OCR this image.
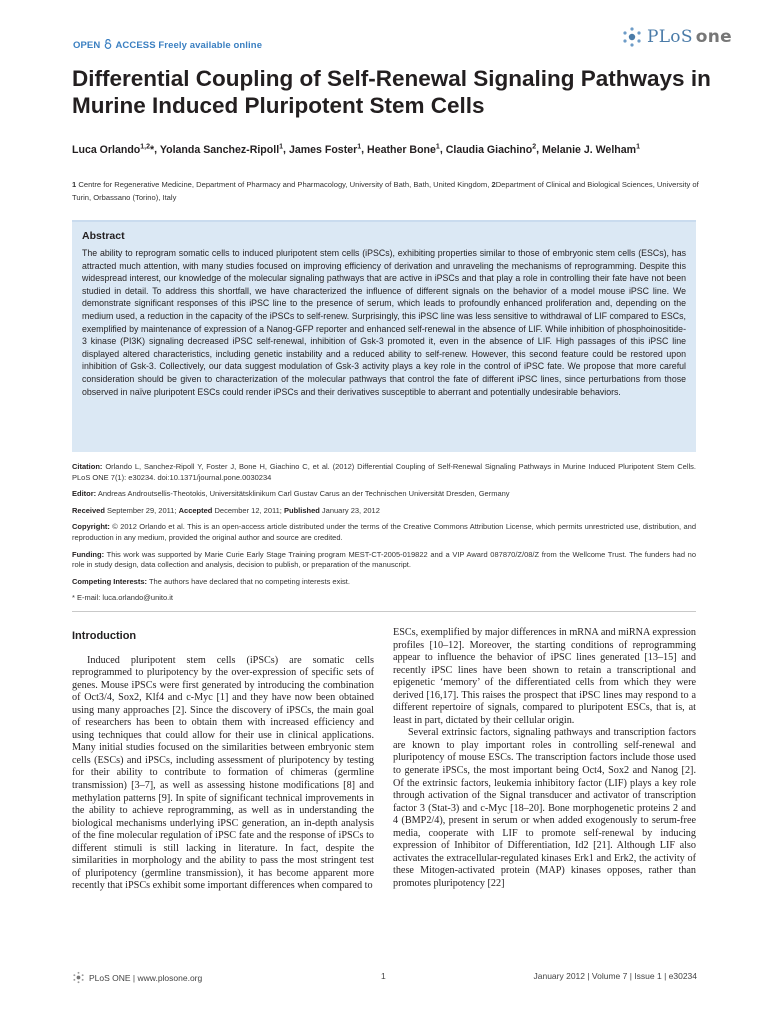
OPEN ACCESS Freely available online	PLoS one
Differential Coupling of Self-Renewal Signaling Pathways in Murine Induced Pluripotent Stem Cells
Luca Orlando$^{1,2}$*, Yolanda Sanchez-Ripoll$^1$, James Foster$^1$, Heather Bone$^1$, Claudia Giachino$^2$, Melanie J. Welham$^1$
1 Centre for Regenerative Medicine, Department of Pharmacy and Pharmacology, University of Bath, Bath, United Kingdom, 2Department of Clinical and Biological Sciences, University of Turin, Orbassano (Torino), Italy
Abstract
The ability to reprogram somatic cells to induced pluripotent stem cells (iPSCs), exhibiting properties similar to those of embryonic stem cells (ESCs), has attracted much attention, with many studies focused on improving efficiency of derivation and unraveling the mechanisms of reprogramming. Despite this widespread interest, our knowledge of the molecular signaling pathways that are active in iPSCs and that play a role in controlling their fate have not been studied in detail. To address this shortfall, we have characterized the influence of different signals on the behavior of a model mouse iPSC line. We demonstrate significant responses of this iPSC line to the presence of serum, which leads to profoundly enhanced proliferation and, depending on the medium used, a reduction in the capacity of the iPSCs to self-renew. Surprisingly, this iPSC line was less sensitive to withdrawal of LIF compared to ESCs, exemplified by maintenance of expression of a Nanog-GFP reporter and enhanced self-renewal in the absence of LIF. While inhibition of phosphoinositide-3 kinase (PI3K) signaling decreased iPSC self-renewal, inhibition of Gsk-3 promoted it, even in the absence of LIF. High passages of this iPSC line displayed altered characteristics, including genetic instability and a reduced ability to self-renew. However, this second feature could be restored upon inhibition of Gsk-3. Collectively, our data suggest modulation of Gsk-3 activity plays a key role in the control of iPSC fate. We propose that more careful consideration should be given to characterization of the molecular pathways that control the fate of different iPSC lines, since perturbations from those observed in naïve pluripotent ESCs could render iPSCs and their derivatives susceptible to aberrant and potentially undesirable behaviors.

Citation: Orlando L, Sanchez-Ripoll Y, Foster J, Bone H, Giachino C, et al. (2012) Differential Coupling of Self-Renewal Signaling Pathways in Murine Induced Pluripotent Stem Cells. PLoS ONE 7(1): e30234. doi:10.1371/journal.pone.0030234

Editor: Andreas Androutsellis-Theotokis, Universitätsklinikum Carl Gustav Carus an der Technischen Universität Dresden, Germany

Received September 29, 2011; Accepted December 12, 2011; Published January 23, 2012

Copyright: © 2012 Orlando et al. This is an open-access article distributed under the terms of the Creative Commons Attribution License, which permits unrestricted use, distribution, and reproduction in any medium, provided the original author and source are credited.

Funding: This work was supported by Marie Curie Early Stage Training program MEST-CT-2005-019822 and a VIP Award 087870/Z/08/Z from the Wellcome Trust. The funders had no role in study design, data collection and analysis, decision to publish, or preparation of the manuscript.

Competing Interests: The authors have declared that no competing interests exist.

* E-mail: luca.orlando@unito.it

Introduction

Induced pluripotent stem cells (iPSCs) are somatic cells reprogrammed to pluripotency by the over-expression of specific sets of genes. Mouse iPSCs were first generated by introducing the combination of Oct3/4, Sox2, Klf4 and c-Myc [1] and they have now been obtained using many approaches [2]. Since the discovery of iPSCs, the main goal of researchers has been to obtain them with increased efficiency and using techniques that could allow for their use in clinical applications. Many initial studies focused on the similarities between embryonic stem cells (ESCs) and iPSCs, including assessment of pluripotency by testing for their ability to contribute to formation of chimeras (germline transmission) [3–7], as well as assessing histone modifications [8] and methylation patterns [9]. In spite of significant technical improvements in the ability to achieve reprogramming, as well as in understanding the biological mechanisms underlying iPSC generation, an in-depth analysis of the fine molecular regulation of iPSC fate and the response of iPSCs to different stimuli is still lacking in literature. In fact, despite the similarities in morphology and the ability to pass the most stringent test of pluripotency (germline transmission), it has become apparent more recently that iPSCs exhibit some important differences when compared to

ESCs, exemplified by major differences in mRNA and miRNA expression profiles [10–12]. Moreover, the starting conditions of reprogramming appear to influence the behavior of iPSC lines generated [13–15] and recently iPSC lines have been shown to retain a transcriptional and epigenetic ‘memory’ of the differentiated cells from which they were derived [16,17]. This raises the prospect that iPSC lines may respond to a different repertoire of signals, compared to pluripotent ESCs, that is, at least in part, dictated by their cellular origin.

Several extrinsic factors, signaling pathways and transcription factors are known to play important roles in controlling self-renewal and pluripotency of mouse ESCs. The transcription factors include those used to generate iPSCs, the most important being Oct4, Sox2 and Nanog [2]. Of the extrinsic factors, leukemia inhibitory factor (LIF) plays a key role through activation of the Signal transducer and activator of transcription factor 3 (Stat-3) and c-Myc [18–20]. Bone morphogenetic proteins 2 and 4 (BMP2/4), present in serum or when added exogenously to serum-free media, cooperate with LIF to promote self-renewal by inducing expression of Inhibitor of Differentiation, Id2 [21]. Although LIF also activates the extracellular-regulated kinases Erk1 and Erk2, the activity of these Mitogen-activated protein (MAP) kinases opposes, rather than promotes pluripotency [22]

PLoS ONE | www.plosone.org	1	January 2012 | Volume 7 | Issue 1 | e30234
